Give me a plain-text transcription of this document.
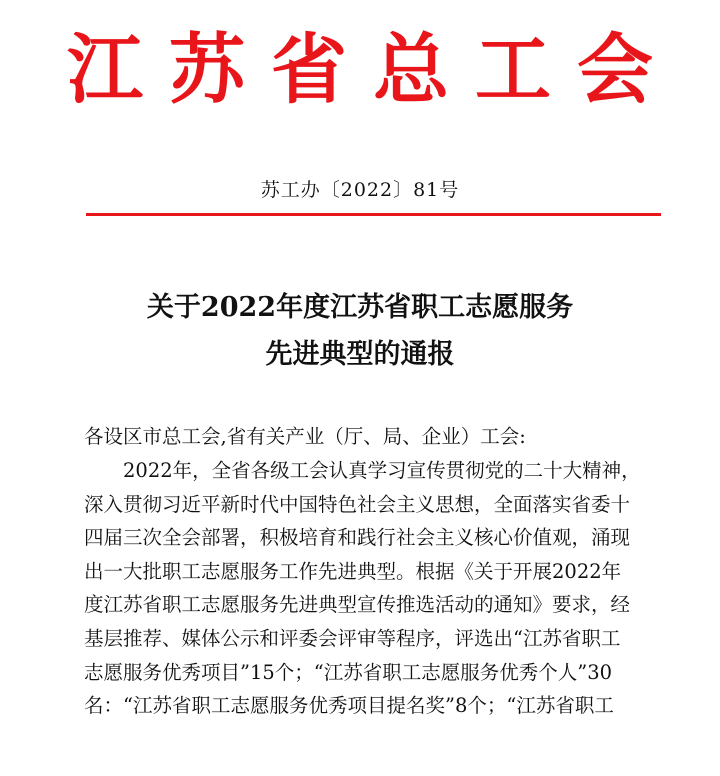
江苏省总工会
苏工办〔2022〕81号
关于2022年度江苏省职工志愿服务
先进典型的通报
各设区市总工会,省有关产业（厅、局、企业）工会:
2022年，全省各级工会认真学习宣传贯彻党的二十大精神，
深入贯彻习近平新时代中国特色社会主义思想，全面落实省委十
四届三次全会部署，积极培育和践行社会主义核心价值观，涌现
出一大批职工志愿服务工作先进典型。根据《关于开展2022年
度江苏省职工志愿服务先进典型宣传推选活动的通知》要求，经
基层推荐、媒体公示和评委会评审等程序，评选出“江苏省职工
志愿服务优秀项目”15个；“江苏省职工志愿服务优秀个人”30
名：“江苏省职工志愿服务优秀项目提名奖”8个；“江苏省职工
